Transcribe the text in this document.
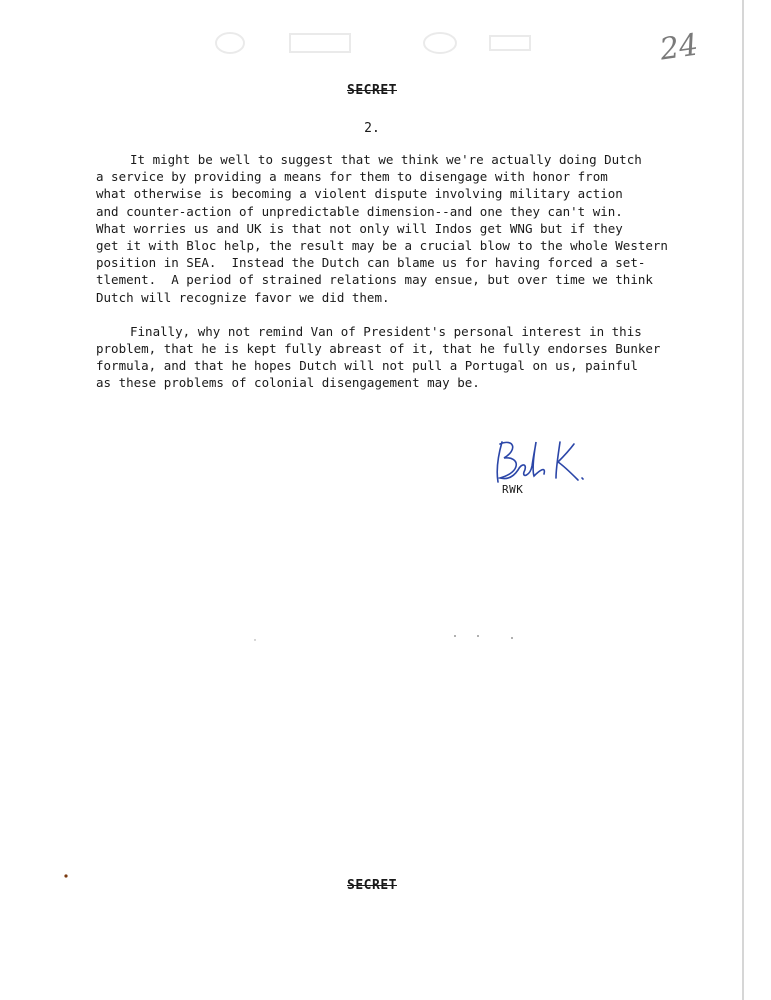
24
SECRET
2.

It might be well to suggest that we think we're actually doing Dutch
a service by providing a means for them to disengage with honor from
what otherwise is becoming a violent dispute involving military action
and counter-action of unpredictable dimension--and one they can't win.
What worries us and UK is that not only will Indos get WNG but if they
get it with Bloc help, the result may be a crucial blow to the whole Western
position in SEA.  Instead the Dutch can blame us for having forced a set-
tlement.  A period of strained relations may ensue, but over time we think
Dutch will recognize favor we did them.

Finally, why not remind Van of President's personal interest in this
problem, that he is kept fully abreast of it, that he fully endorses Bunker
formula, and that he hopes Dutch will not pull a Portugal on us, painful
as these problems of colonial disengagement may be.

RWK
SECRET
